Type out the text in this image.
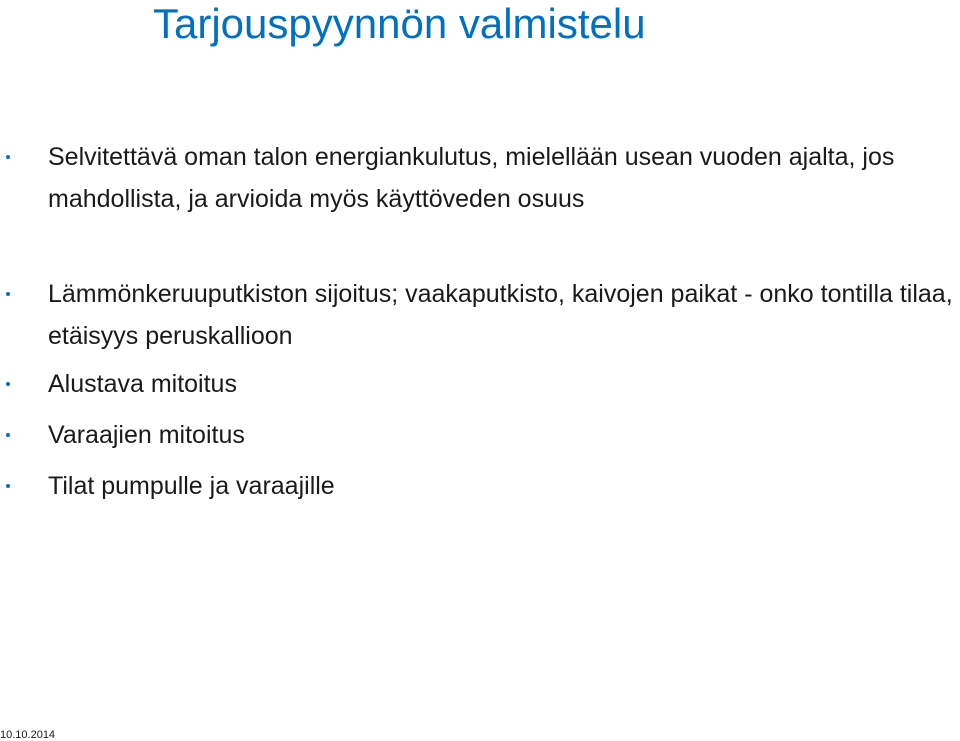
Tarjouspyynnön valmistelu
Selvitettävä oman talon energiankulutus, mielellään usean vuoden ajalta, jos mahdollista, ja arvioida myös käyttöveden osuus
Lämmönkeruuputkiston sijoitus; vaakaputkisto, kaivojen paikat - onko tontilla tilaa, etäisyys peruskallioon
Alustava mitoitus
Varaajien mitoitus
Tilat pumpulle ja varaajille
10.10.2014
